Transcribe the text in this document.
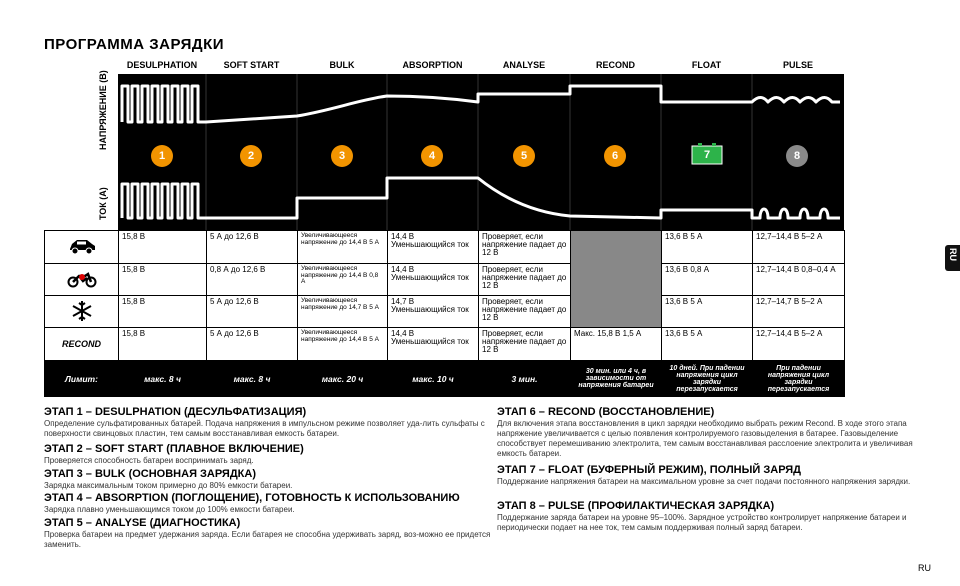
ПРОГРАММА ЗАРЯДКИ
RU
DESULPHATION	SOFT START	BULK	ABSORPTION	ANALYSE	RECOND	FLOAT	PULSE
НАПРЯЖЕНИЕ (В)
ТОК (А)
1	2	3	4	5	6	7	8
	15,8 В	5 А до 12,6 В	Увеличивающееся напряжение до 14,4 В 5 А	14,4 В Уменьшающийся ток	Проверяет, если напряжение падает до 12 В		13,6 В 5 А	12,7–14,4 В 5–2 А
	15,8 В	0,8 А до 12,6 В	Увеличивающееся напряжение до 14,4 В 0,8 А	14,4 В Уменьшающийся ток	Проверяет, если напряжение падает до 12 В		13,6 В 0,8 А	12,7–14,4 В 0,8–0,4 А
	15,8 В	5 А до 12,6 В	Увеличивающееся напряжение до 14,7 В 5 А	14,7 В Уменьшающийся ток	Проверяет, если напряжение падает до 12 В		13,6 В 5 А	12,7–14,7 В 5–2 А
RECOND	15,8 В	5 А до 12,6 В	Увеличивающееся напряжение до 14,4 В 5 А	14,4 В Уменьшающийся ток	Проверяет, если напряжение падает до 12 В	Макс. 15,8 В 1,5 А	13,6 В 5 А	12,7–14,4 В 5–2 А
Лимит:	макс. 8 ч	макс. 8 ч	макс. 20 ч	макс. 10 ч	3 мин.	30 мин. или 4 ч, в зависимости от напряжения батареи	10 дней. При падении напряжения цикл зарядки перезапускается	При падении напряжения цикл зарядки перезапускается
ЭТАП 1 – DESULPHATION (ДЕСУЛЬФАТИЗАЦИЯ)

Определение сульфатированных батарей. Подача напряжения в импульсном режиме позволяет уда-лить сульфаты с поверхности свинцовых пластин, тем самым восстанавливая емкость батареи.

ЭТАП 2 – SOFT START (ПЛАВНОЕ ВКЛЮЧЕНИЕ)

Проверяется способность батареи воспринимать заряд.

ЭТАП 3 – BULK (ОСНОВНАЯ ЗАРЯДКА)

Зарядка максимальным током примерно до 80% емкости батареи.

ЭТАП 4 – ABSORPTION (ПОГЛОЩЕНИЕ), ГОТОВНОСТЬ К ИСПОЛЬЗОВАНИЮ

Зарядка плавно уменьшающимся током до 100% емкости батареи.

ЭТАП 5 – ANALYSE (ДИАГНОСТИКА)

Проверка батареи на предмет удержания заряда. Если батарея не способна удерживать заряд, воз-можно ее придется заменить.

ЭТАП 6 – RECOND (ВОССТАНОВЛЕНИЕ)

Для включения этапа восстановления в цикл зарядки необходимо выбрать режим Recond. В ходе этого этапа напряжение увеличивается с целью появления контролируемого газовыделения в батарее. Газовыделение способствует перемешиванию электролита, тем самым восстанавливая расслоение электролита и увеличивая емкость батареи.

ЭТАП 7 – FLOAT (БУФЕРНЫЙ РЕЖИМ), ПОЛНЫЙ ЗАРЯД

Поддержание напряжения батареи на максимальном уровне за счет подачи постоянного напряжения зарядки.

ЭТАП 8 – PULSE (ПРОФИЛАКТИЧЕСКАЯ ЗАРЯДКА)

Поддержание заряда батареи на уровне 95–100%. Зарядное устройство контролирует напряжение батареи и периодически подает на нее ток, тем самым поддерживая полный заряд батареи.

RU
